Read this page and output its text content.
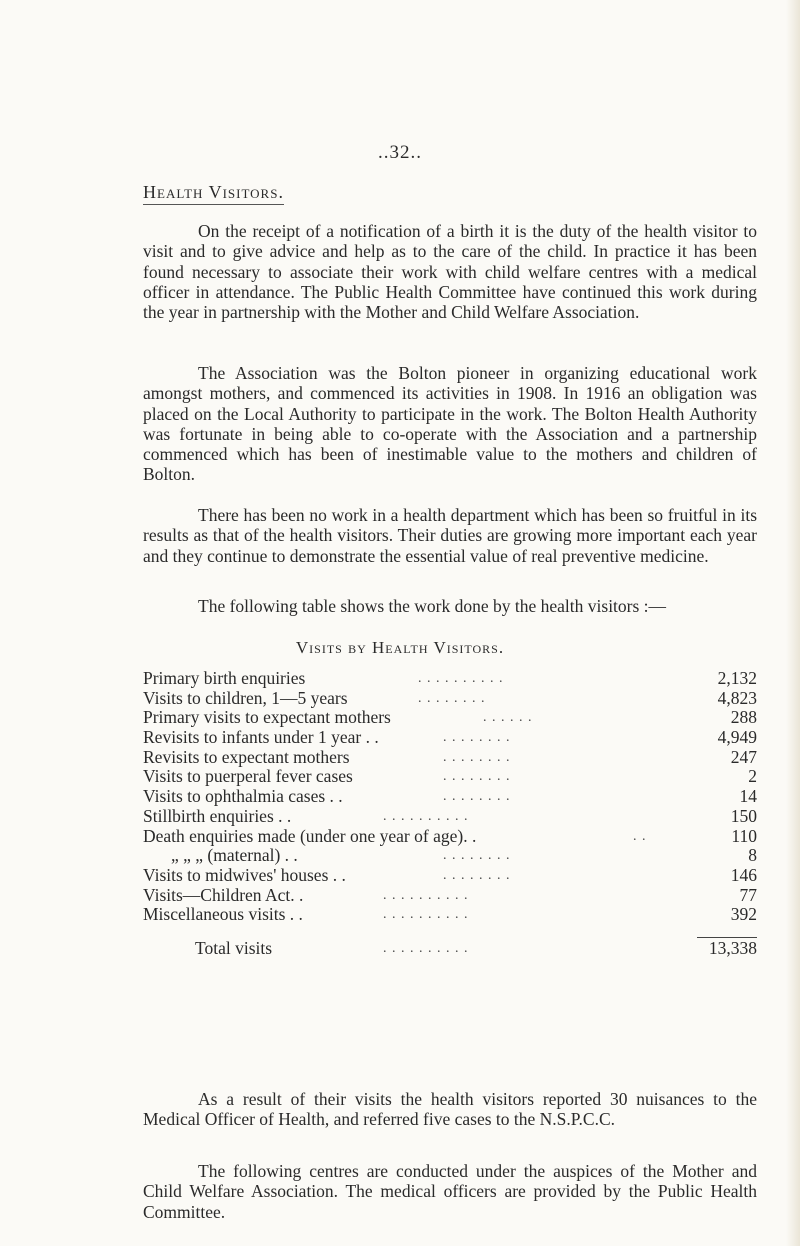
..32..
Health Visitors.

On the receipt of a notification of a birth it is the duty of the health visitor to visit and to give advice and help as to the care of the child. In practice it has been found necessary to associate their work with child welfare centres with a medical officer in attendance. The Public Health Committee have continued this work during the year in partnership with the Mother and Child Welfare Association.

The Association was the Bolton pioneer in organizing educational work amongst mothers, and commenced its activities in 1908. In 1916 an obligation was placed on the Local Authority to participate in the work. The Bolton Health Authority was fortunate in being able to co-operate with the Association and a partnership commenced which has been of inestimable value to the mothers and children of Bolton.

There has been no work in a health department which has been so fruitful in its results as that of the health visitors. Their duties are growing more important each year and they continue to demonstrate the essential value of real preventive medicine.

The following table shows the work done by the health visitors :—

Visits by Health Visitors.
Primary birth enquiries	. . . . . . . . . .	2,132
Visits to children, 1—5 years	. . . . . . . .	4,823
Primary visits to expectant mothers	. . . . . .	288
Revisits to infants under 1 year . .	. . . . . . . .	4,949
Revisits to expectant mothers	. . . . . . . .	247
Visits to puerperal fever cases	. . . . . . . .	2
Visits to ophthalmia cases . .	. . . . . . . .	14
Stillbirth enquiries . .	. . . . . . . . . .	150
Death enquiries made (under one year of age). .	. .	110
„ „ „ (maternal) . .	. . . . . . . .	8
Visits to midwives' houses . .	. . . . . . . .	146
Visits—Children Act. .	. . . . . . . . . .	77
Miscellaneous visits . .	. . . . . . . . . .	392
Total visits	. . . . . . . . . .	13,338

As a result of their visits the health visitors reported 30 nuisances to the Medical Officer of Health, and referred five cases to the N.S.P.C.C.

The following centres are conducted under the auspices of the Mother and Child Welfare Association. The medical officers are provided by the Public Health Committee.
